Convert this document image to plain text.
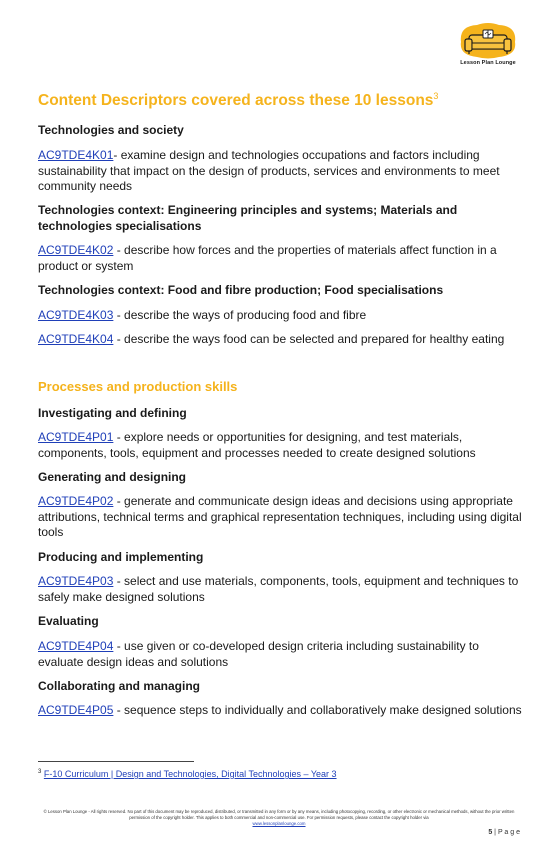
Lesson Plan Lounge
Content Descriptors covered across these 10 lessons$^3$
Technologies and society
AC9TDE4K01- examine design and technologies occupations and factors including sustainability that impact on the design of products, services and environments to meet community needs
Technologies context: Engineering principles and systems; Materials and technologies specialisations
AC9TDE4K02 - describe how forces and the properties of materials affect function in a product or system
Technologies context: Food and fibre production; Food specialisations
AC9TDE4K03 - describe the ways of producing food and fibre
AC9TDE4K04 - describe the ways food can be selected and prepared for healthy eating
Processes and production skills
Investigating and defining
AC9TDE4P01 - explore needs or opportunities for designing, and test materials, components, tools, equipment and processes needed to create designed solutions
Generating and designing
AC9TDE4P02 - generate and communicate design ideas and decisions using appropriate attributions, technical terms and graphical representation techniques, including using digital tools
Producing and implementing
AC9TDE4P03 - select and use materials, components, tools, equipment and techniques to safely make designed solutions
Evaluating
AC9TDE4P04 - use given or co-developed design criteria including sustainability to evaluate design ideas and solutions
Collaborating and managing
AC9TDE4P05 - sequence steps to individually and collaboratively make designed solutions
$^3$ F-10 Curriculum | Design and Technologies, Digital Technologies – Year 3
© Lesson Plan Lounge - All rights reserved. No part of this document may be reproduced, distributed, or transmitted in any form or by any means, including photocopying, recording, or other electronic or mechanical methods, without the prior written permission of the copyright holder. This applies to both commercial and non-commercial use. For permission requests, please contact the copyright holder via
www.lessonplanlounge.com
5 | P a g e
